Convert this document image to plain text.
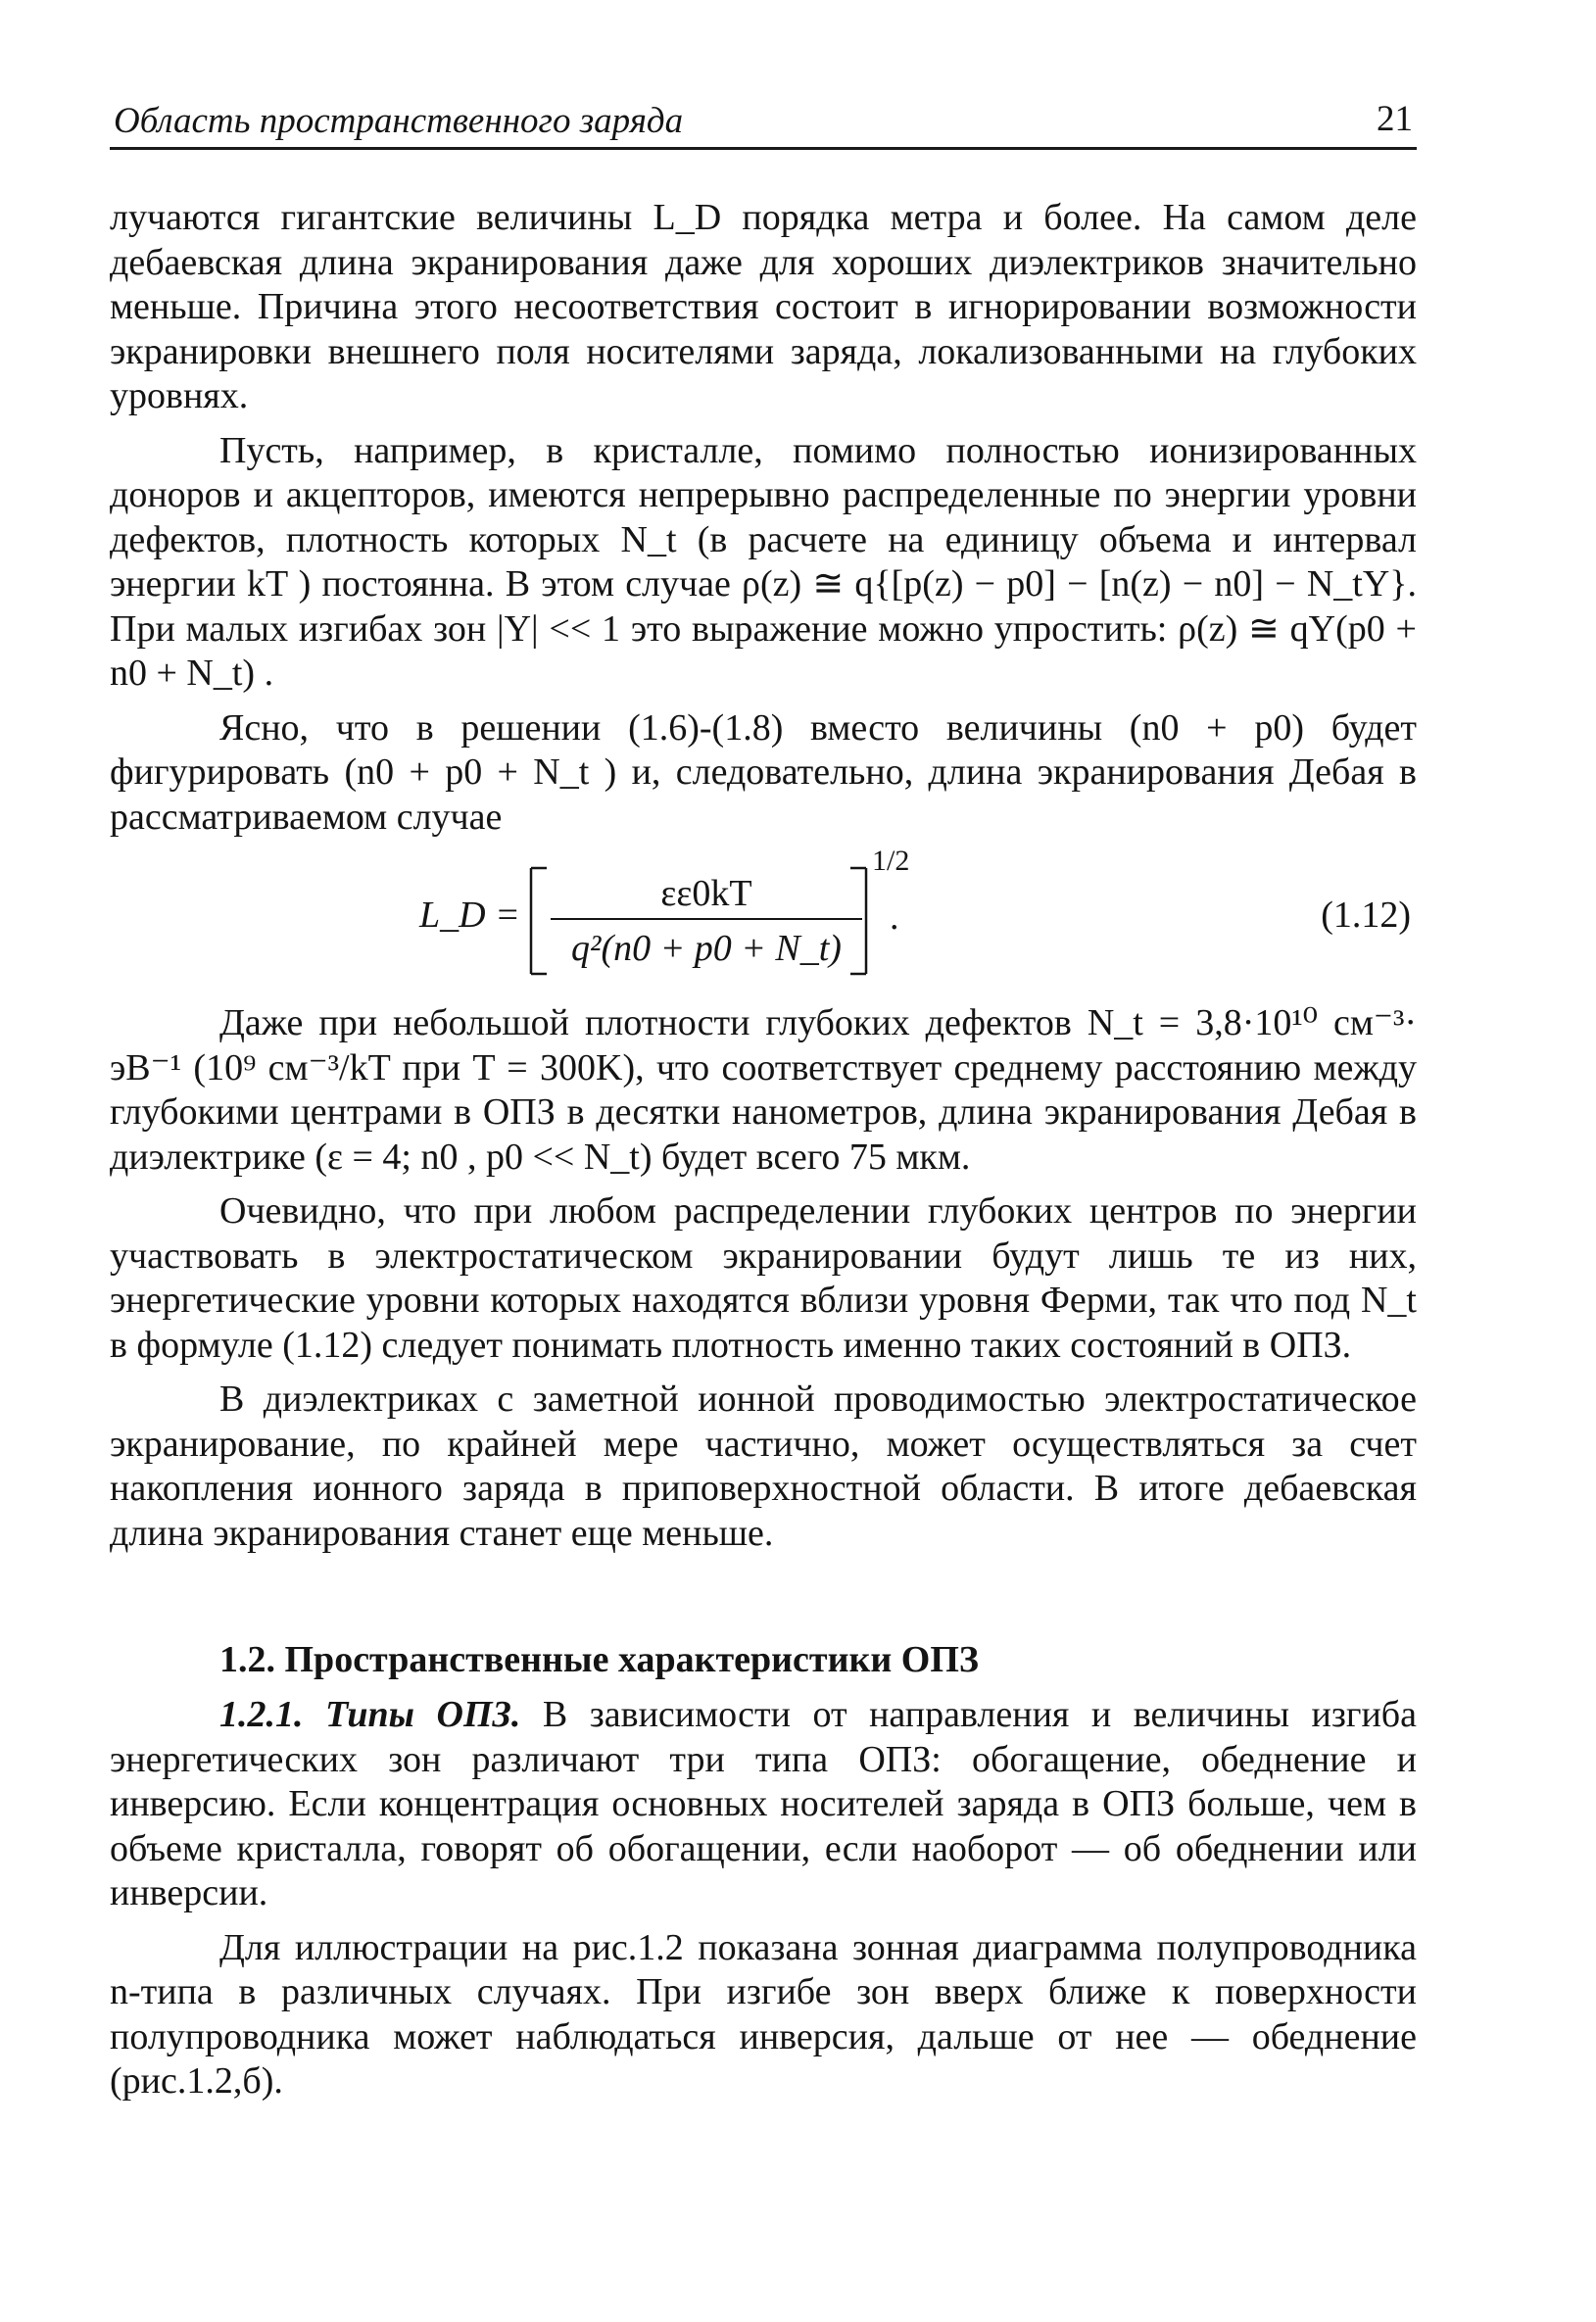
Область пространственного заряда	21

лучаются гигантские величины L_D порядка метра и более. На самом деле дебаевская длина экранирования даже для хороших диэлектриков значительно меньше. Причина этого несоответствия состоит в игнорировании возможности экранировки внешнего поля носителями заряда, локализованными на глубоких уровнях.

Пусть, например, в кристалле, помимо полностью ионизированных доноров и акцепторов, имеются непрерывно распределенные по энергии уровни дефектов, плотность которых N_t (в расчете на единицу объема и интервал энергии kT ) постоянна. В этом случае ρ(z) ≅ q{[p(z) − p0] − [n(z) − n0] − N_tY}. При малых изгибах зон |Y| << 1 это выражение можно упростить: ρ(z) ≅ qY(p0 + n0 + N_t) .

Ясно, что в решении (1.6)-(1.8) вместо величины (n0 + p0) будет фигурировать (n0 + p0 + N_t ) и, следовательно, длина экранирования Дебая в рассматриваемом случае

L_D =
εε0kT
q²(n0 + p0 + N_t)
1/2
.	(1.12)

Даже при небольшой плотности глубоких дефектов N_t = 3,8·10¹⁰ см⁻³· эВ⁻¹ (10⁹ см⁻³/kT при T = 300K), что соответствует среднему расстоянию между глубокими центрами в ОПЗ в десятки нанометров, длина экранирования Дебая в диэлектрике (ε = 4; n0 , p0 << N_t) будет всего 75 мкм.

Очевидно, что при любом распределении глубоких центров по энергии участвовать в электростатическом экранировании будут лишь те из них, энергетические уровни которых находятся вблизи уровня Ферми, так что под N_t в формуле (1.12) следует понимать плотность именно таких состояний в ОПЗ.

В диэлектриках с заметной ионной проводимостью электростатическое экранирование, по крайней мере частично, может осуществляться за счет накопления ионного заряда в приповерхностной области. В итоге дебаевская длина экранирования станет еще меньше.

1.2. Пространственные характеристики ОПЗ

1.2.1. Типы ОПЗ. В зависимости от направления и величины изгиба энергетических зон различают три типа ОПЗ: обогащение, обеднение и инверсию. Если концентрация основных носителей заряда в ОПЗ больше, чем в объеме кристалла, говорят об обогащении, если наоборот — об обеднении или инверсии.

Для иллюстрации на рис.1.2 показана зонная диаграмма полупроводника n-типа в различных случаях. При изгибе зон вверх ближе к поверхности полупроводника может наблюдаться инверсия, дальше от нее — обеднение (рис.1.2,б).
